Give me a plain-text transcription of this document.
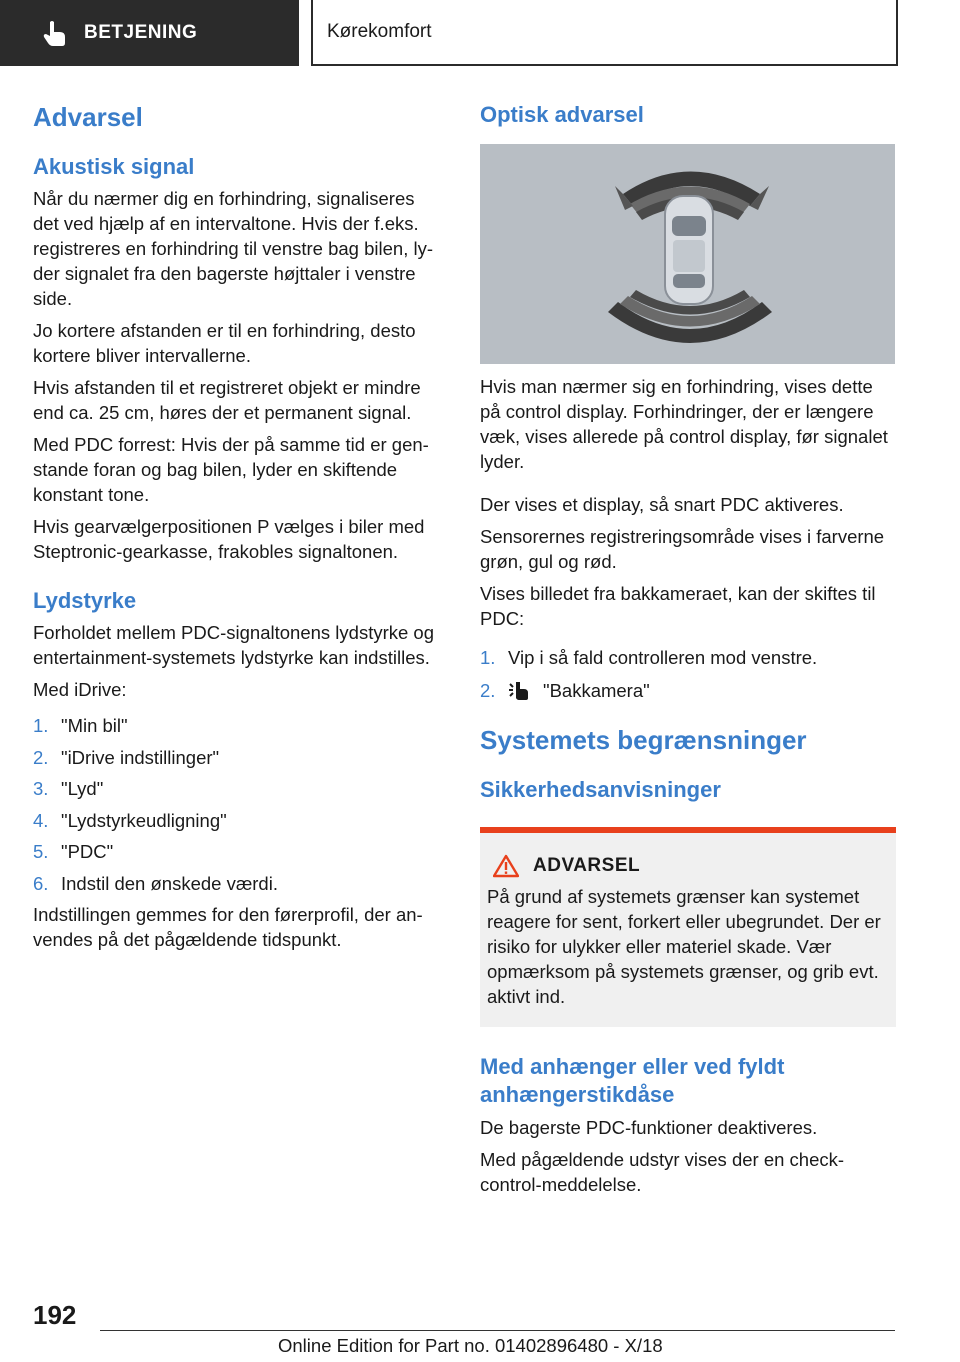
BETJENING	Kørekomfort
Advarsel
Akustisk signal

Når du nærmer dig en forhindring, signaliseres det ved hjælp af en intervaltone. Hvis der f.eks. registreres en forhindring til venstre bag bilen, lyder signalet fra den bagerste højttaler i venstre side.

Jo kortere afstanden er til en forhindring, desto kortere bliver intervallerne.

Hvis afstanden til et registreret objekt er mindre end ca. 25 cm, høres der et permanent signal.

Med PDC forrest: Hvis der på samme tid er genstande foran og bag bilen, lyder en skiftende konstant tone.

Hvis gearvælgerpositionen P vælges i biler med Steptronic-gearkasse, frakobles signaltonen.

Lydstyrke

Forholdet mellem PDC-signaltonens lydstyrke og entertainment-systemets lydstyrke kan indstilles.

Med iDrive:

1. "Min bil"
2. "iDrive indstillinger"
3. "Lyd"
4. "Lydstyrkeudligning"
5. "PDC"
6. Indstil den ønskede værdi.

Indstillingen gemmes for den førerprofil, der anvendes på det pågældende tidspunkt.

Optisk advarsel

Hvis man nærmer sig en forhindring, vises dette på control display. Forhindringer, der er længere væk, vises allerede på control display, før signalet lyder.

Der vises et display, så snart PDC aktiveres.

Sensorernes registreringsområde vises i farverne grøn, gul og rød.

Vises billedet fra bakkameraet, kan der skiftes til PDC:

1. Vip i så fald controlleren mod venstre.
2.	"Bakkamera"
Systemets begrænsninger
Sikkerhedsanvisninger
ADVARSEL

På grund af systemets grænser kan systemet reagere for sent, forkert eller ubegrundet. Der er risiko for ulykker eller materiel skade. Vær opmærksom på systemets grænser, og grib evt. aktivt ind.

Med anhænger eller ved fyldt anhængerstikdåse

De bagerste PDC-funktioner deaktiveres.

Med pågældende udstyr vises der en check-control-meddelelse.

192
Online Edition for Part no. 01402896480 - X/18
